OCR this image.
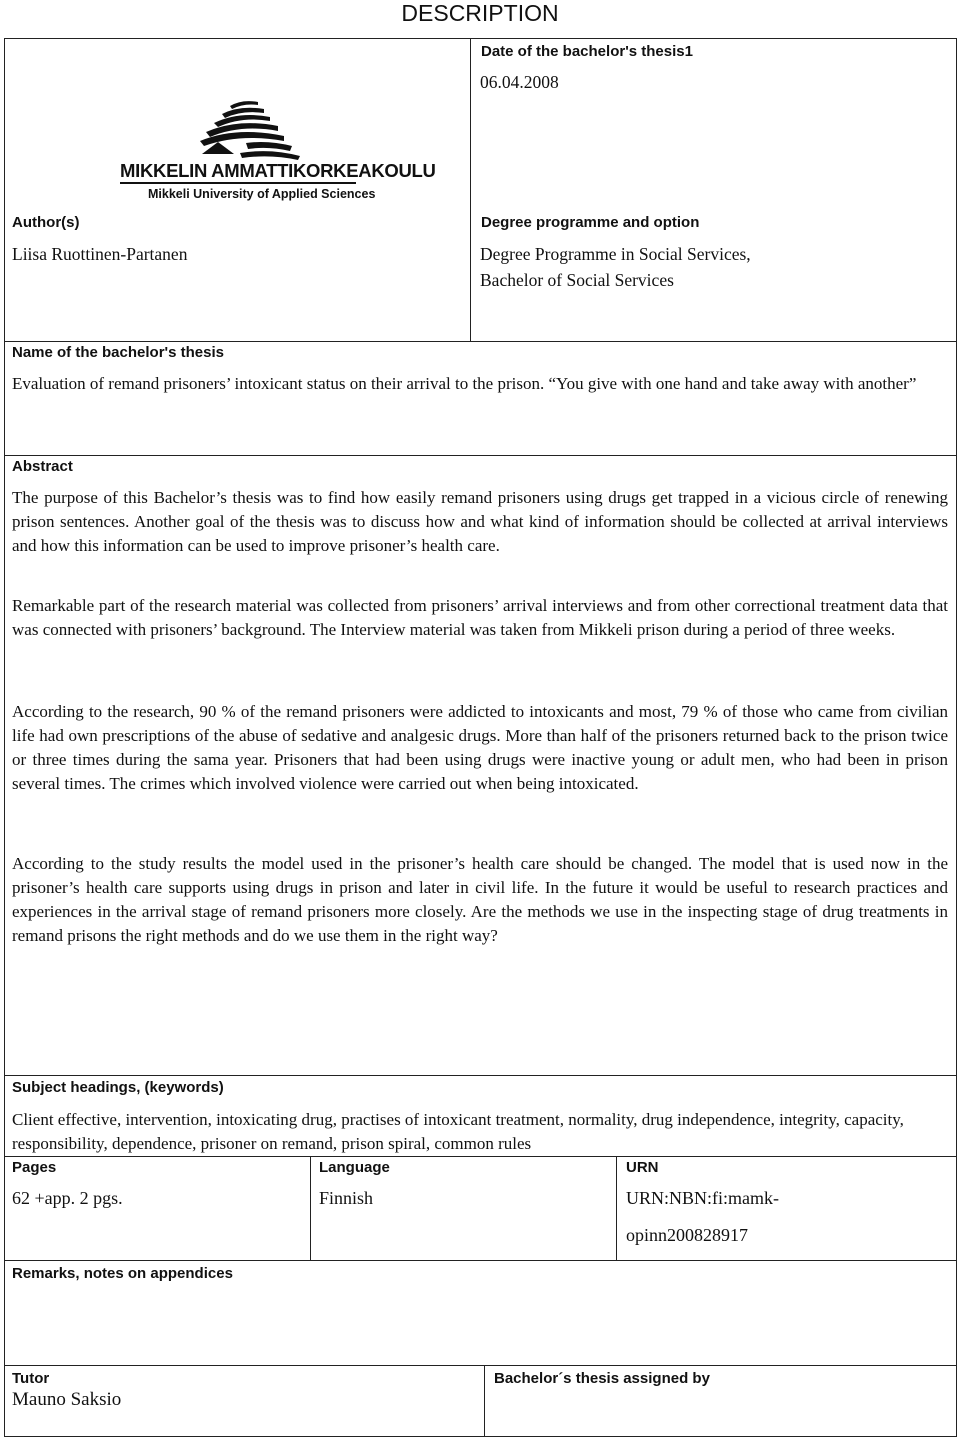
DESCRIPTION
MIKKELIN AMMATTIKORKEAKOULU
Mikkeli University of Applied Sciences
Date of the bachelor's thesis1
06.04.2008
Author(s)
Liisa Ruottinen-Partanen
Degree programme and option
Degree Programme in Social Services,
Bachelor of Social Services
Name of the bachelor's thesis

Evaluation of remand prisoners’ intoxicant status on their arrival to the prison. “You give with one hand and take away with another”

Abstract

The purpose of this Bachelor’s thesis was to find how easily remand prisoners using drugs get trapped in a vicious circle of renewing prison sentences. Another goal of the thesis was to discuss how and what kind of information should be collected at arrival interviews and how this information can be used to improve prisoner’s health care.

Remarkable part of the research material was collected from prisoners’ arrival interviews and from other correctional treatment data that was connected with prisoners’ background. The Interview material was taken from Mikkeli prison during a period of three weeks.

According to the research, 90 % of the remand prisoners were addicted to intoxicants and most, 79 % of those who came from civilian life had own prescriptions of the abuse of sedative and analgesic drugs. More than half of the prisoners returned back to the prison twice or three times during the sama year. Prisoners that had been using drugs were inactive young or adult men, who had been in prison several times. The crimes which involved violence were carried out when being intoxicated.

According to the study results the model used in the prisoner’s health care should be changed. The model that is used now in the prisoner’s health care supports using drugs in prison and later in civil life. In the future it would be useful to research practices and experiences in the arrival stage of remand prisoners more closely. Are the methods we use in the inspecting stage of drug treatments in remand prisons the right methods and do we use them in the right way?

Subject headings, (keywords)

Client effective, intervention, intoxicating drug, practises of intoxicant treatment, normality, drug independence, integrity, capacity, responsibility, dependence, prisoner on remand, prison spiral, common rules

Pages
62 +app. 2 pgs.
Language
Finnish
URN
URN:NBN:fi:mamk-
opinn200828917
Remarks, notes on appendices
Tutor
Mauno Saksio
Bachelor´s thesis assigned by
